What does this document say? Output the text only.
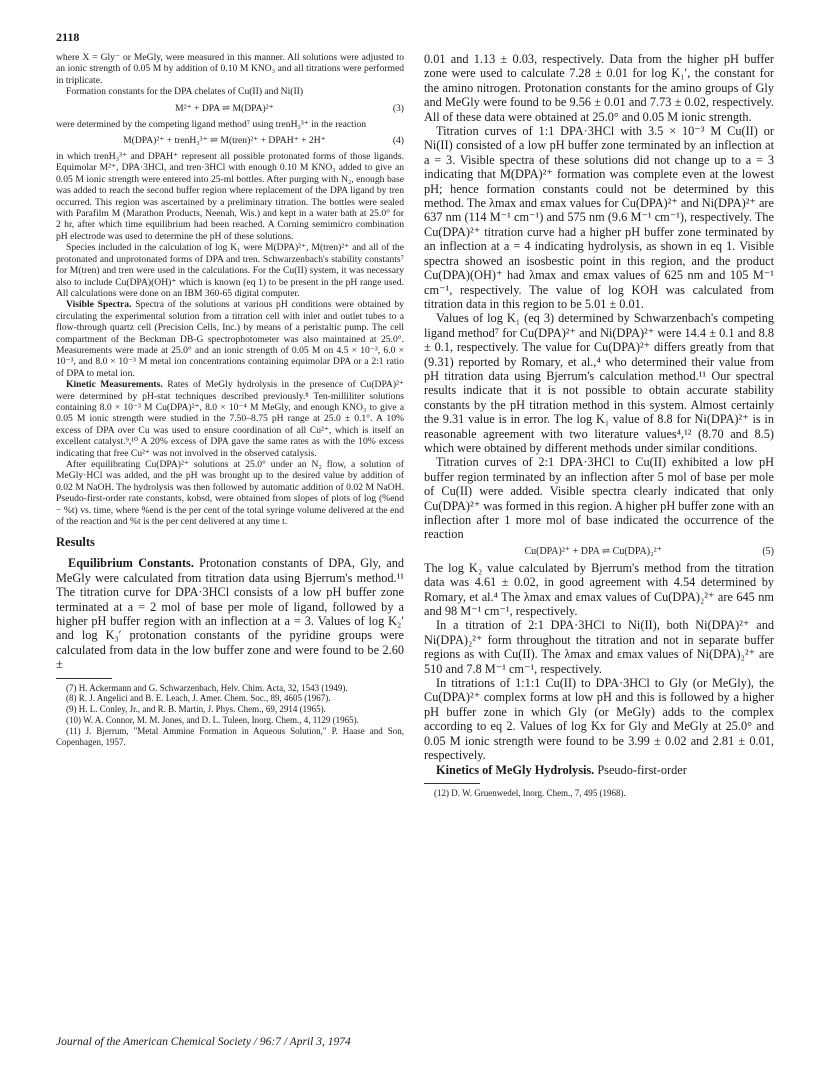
2118

where X = Gly⁻ or MeGly, were measured in this manner. All solutions were adjusted to an ionic strength of 0.05 M by addition of 0.10 M KNO₃ and all titrations were performed in triplicate.

Formation constants for the DPA chelates of Cu(II) and Ni(II)

M²⁺ + DPA ⇌ M(DPA)²⁺	(3)

were determined by the competing ligand method⁷ using trenH₃³⁺ in the reaction

M(DPA)²⁺ + trenH₃³⁺ ⇌ M(tren)²⁺ + DPAH⁺ + 2H⁺	(4)

in which trenH₃³⁺ and DPAH⁺ represent all possible protonated forms of those ligands. Equimolar M²⁺, DPA·3HCl, and tren·3HCl with enough 0.10 M KNO₃ added to give an 0.05 M ionic strength were entered into 25-ml bottles. After purging with N₂, enough base was added to reach the second buffer region where replacement of the DPA ligand by tren occurred. This region was ascertained by a preliminary titration. The bottles were sealed with Parafilm M (Marathon Products, Neenah, Wis.) and kept in a water bath at 25.0° for 2 hr, after which time equilibrium had been reached. A Corning semimicro combination pH electrode was used to determine the pH of these solutions.

Species included in the calculation of log K₁ were M(DPA)²⁺, M(tren)²⁺ and all of the protonated and unprotonated forms of DPA and tren. Schwarzenbach's stability constants⁷ for M(tren) and tren were used in the calculations. For the Cu(II) system, it was necessary also to include Cu(DPA)(OH)⁺ which is known (eq 1) to be present in the pH range used. All calculations were done on an IBM 360-65 digital computer.

Visible Spectra. Spectra of the solutions at various pH conditions were obtained by circulating the experimental solution from a titration cell with inlet and outlet tubes to a flow-through quartz cell (Precision Cells, Inc.) by means of a peristaltic pump. The cell compartment of the Beckman DB-G spectrophotometer was also maintained at 25.0°. Measurements were made at 25.0° and an ionic strength of 0.05 M on 4.5 × 10⁻³, 6.0 × 10⁻³, and 8.0 × 10⁻³ M metal ion concentrations containing equimolar DPA or a 2:1 ratio of DPA to metal ion.

Kinetic Measurements. Rates of MeGly hydrolysis in the presence of Cu(DPA)²⁺ were determined by pH-stat techniques described previously.⁸ Ten-milliliter solutions containing 8.0 × 10⁻³ M Cu(DPA)²⁺, 8.0 × 10⁻⁴ M MeGly, and enough KNO₃ to give a 0.05 M ionic strength were studied in the 7.50–8.75 pH range at 25.0 ± 0.1°. A 10% excess of DPA over Cu was used to ensure coordination of all Cu²⁺, which is itself an excellent catalyst.⁹,¹⁰ A 20% excess of DPA gave the same rates as with the 10% excess indicating that free Cu²⁺ was not involved in the observed catalysis.

After equilibrating Cu(DPA)²⁺ solutions at 25.0° under an N₂ flow, a solution of MeGly·HCl was added, and the pH was brought up to the desired value by addition of 0.02 M NaOH. The hydrolysis was then followed by automatic addition of 0.02 M NaOH. Pseudo-first-order rate constants, kobsd, were obtained from slopes of plots of log (%end − %t) vs. time, where %end is the per cent of the total syringe volume delivered at the end of the reaction and %t is the per cent delivered at any time t.

Results

Equilibrium Constants. Protonation constants of DPA, Gly, and MeGly were calculated from titration data using Bjerrum's method.¹¹ The titration curve for DPA·3HCl consists of a low pH buffer zone terminated at a = 2 mol of base per mole of ligand, followed by a higher pH buffer region with an inflection at a = 3. Values of log K₂′ and log K₃′ protonation constants of the pyridine groups were calculated from data in the low buffer zone and were found to be 2.60 ±

(7) H. Ackermann and G. Schwarzenbach, Helv. Chim. Acta, 32, 1543 (1949).

(8) R. J. Angelici and B. E. Leach, J. Amer. Chem. Soc., 89, 4605 (1967).

(9) H. L. Conley, Jr., and R. B. Martin, J. Phys. Chem., 69, 2914 (1965).

(10) W. A. Connor, M. M. Jones, and D. L. Tuleen, Inorg. Chem., 4, 1129 (1965).

(11) J. Bjerrum, "Metal Ammine Formation in Aqueous Solution," P. Haase and Son, Copenhagen, 1957.

0.01 and 1.13 ± 0.03, respectively. Data from the higher pH buffer zone were used to calculate 7.28 ± 0.01 for log K₁′, the constant for the amino nitrogen. Protonation constants for the amino groups of Gly and MeGly were found to be 9.56 ± 0.01 and 7.73 ± 0.02, respectively. All of these data were obtained at 25.0° and 0.05 M ionic strength.

Titration curves of 1:1 DPA·3HCl with 3.5 × 10⁻³ M Cu(II) or Ni(II) consisted of a low pH buffer zone terminated by an inflection at a = 3. Visible spectra of these solutions did not change up to a = 3 indicating that M(DPA)²⁺ formation was complete even at the lowest pH; hence formation constants could not be determined by this method. The λmax and εmax values for Cu(DPA)²⁺ and Ni(DPA)²⁺ are 637 nm (114 M⁻¹ cm⁻¹) and 575 nm (9.6 M⁻¹ cm⁻¹), respectively. The Cu(DPA)²⁺ titration curve had a higher pH buffer zone terminated by an inflection at a = 4 indicating hydrolysis, as shown in eq 1. Visible spectra showed an isosbestic point in this region, and the product Cu(DPA)(OH)⁺ had λmax and εmax values of 625 nm and 105 M⁻¹ cm⁻¹, respectively. The value of log KOH was calculated from titration data in this region to be 5.01 ± 0.01.

Values of log K₁ (eq 3) determined by Schwarzenbach's competing ligand method⁷ for Cu(DPA)²⁺ and Ni(DPA)²⁺ were 14.4 ± 0.1 and 8.8 ± 0.1, respectively. The value for Cu(DPA)²⁺ differs greatly from that (9.31) reported by Romary, et al.,⁴ who determined their value from pH titration data using Bjerrum's calculation method.¹¹ Our spectral results indicate that it is not possible to obtain accurate stability constants by the pH titration method in this system. Almost certainly the 9.31 value is in error. The log K₁ value of 8.8 for Ni(DPA)²⁺ is in reasonable agreement with two literature values⁴,¹² (8.70 and 8.5) which were obtained by different methods under similar conditions.

Titration curves of 2:1 DPA·3HCl to Cu(II) exhibited a low pH buffer region terminated by an inflection after 5 mol of base per mole of Cu(II) were added. Visible spectra clearly indicated that only Cu(DPA)²⁺ was formed in this region. A higher pH buffer zone with an inflection after 1 more mol of base indicated the occurrence of the reaction

Cu(DPA)²⁺ + DPA ⇌ Cu(DPA)₂²⁺	(5)

The log K₂ value calculated by Bjerrum's method from the titration data was 4.61 ± 0.02, in good agreement with 4.54 determined by Romary, et al.⁴ The λmax and εmax values of Cu(DPA)₂²⁺ are 645 nm and 98 M⁻¹ cm⁻¹, respectively.

In a titration of 2:1 DPA·3HCl to Ni(II), both Ni(DPA)²⁺ and Ni(DPA)₂²⁺ form throughout the titration and not in separate buffer regions as with Cu(II). The λmax and εmax values of Ni(DPA)₂²⁺ are 510 and 7.8 M⁻¹ cm⁻¹, respectively.

In titrations of 1:1:1 Cu(II) to DPA·3HCl to Gly (or MeGly), the Cu(DPA)²⁺ complex forms at low pH and this is followed by a higher pH buffer zone in which Gly (or MeGly) adds to the complex according to eq 2. Values of log Kx for Gly and MeGly at 25.0° and 0.05 M ionic strength were found to be 3.99 ± 0.02 and 2.81 ± 0.01, respectively.

Kinetics of MeGly Hydrolysis. Pseudo-first-order

(12) D. W. Gruenwedel, Inorg. Chem., 7, 495 (1968).

Journal of the American Chemical Society / 96:7 / April 3, 1974
